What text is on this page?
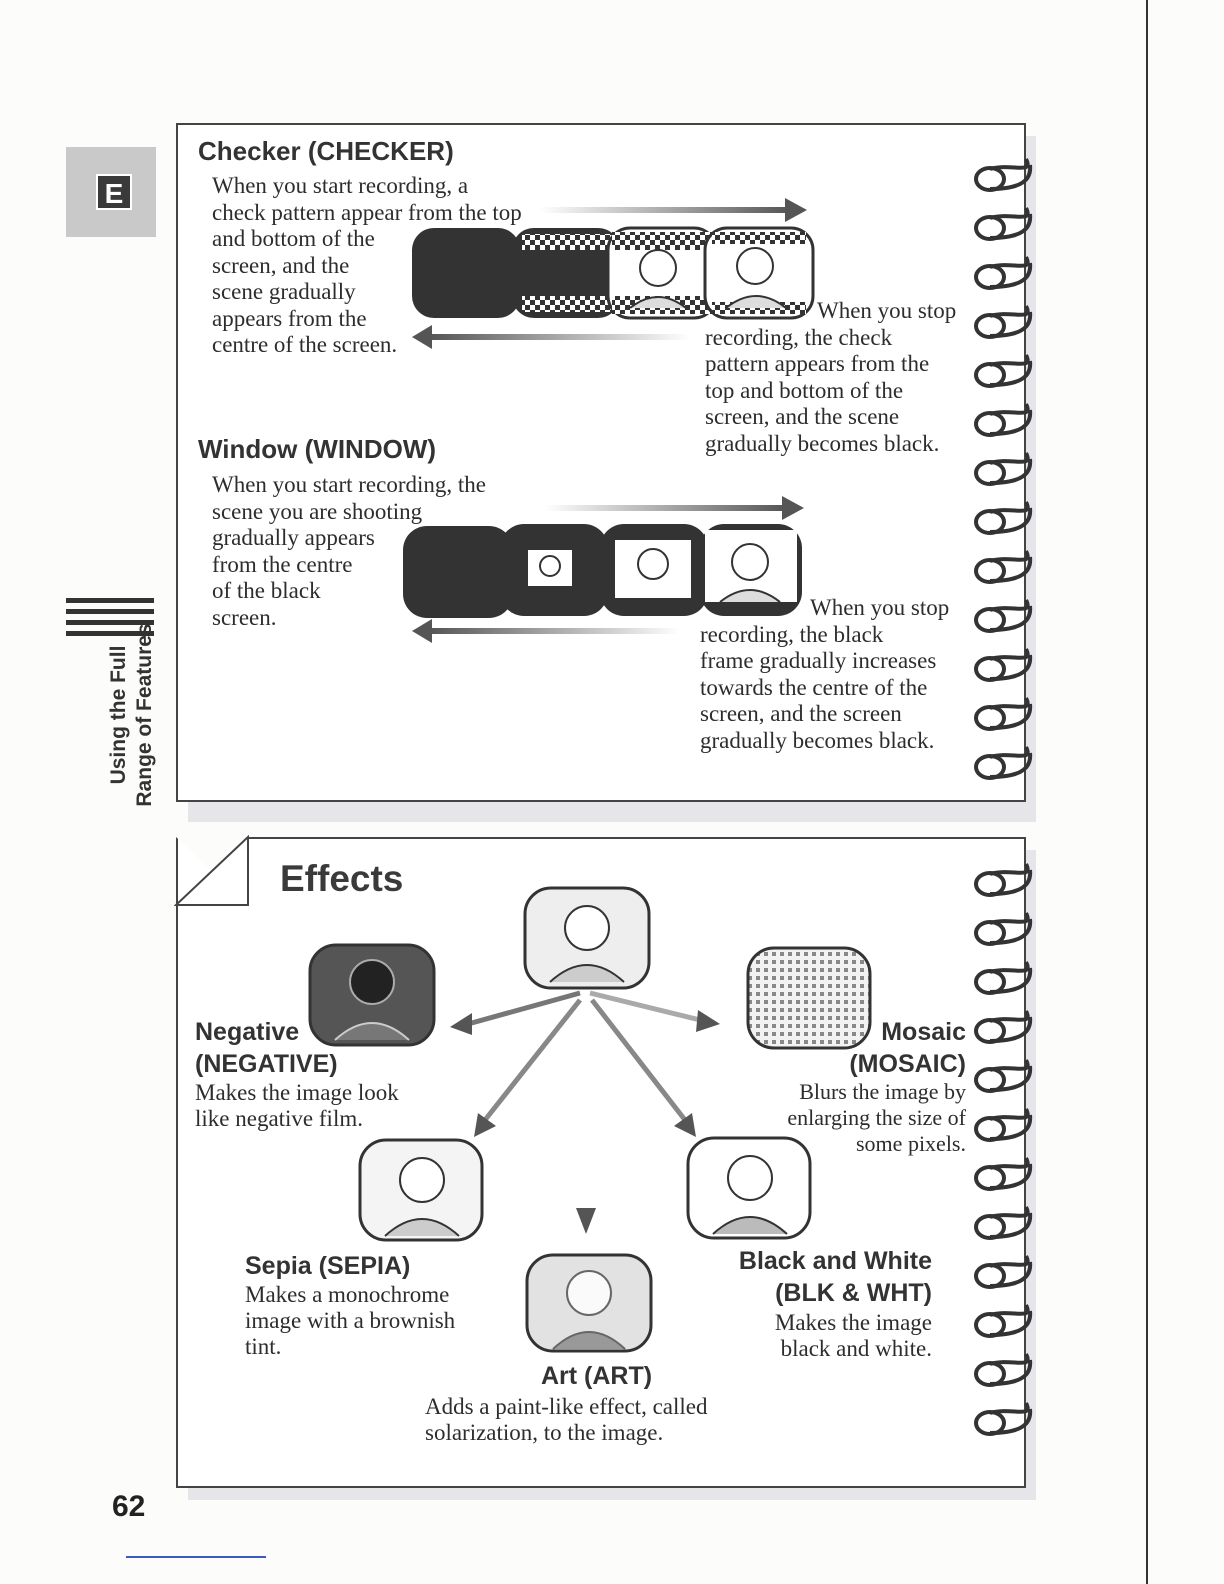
E
Using the Full Range of Features
Checker (CHECKER)
When you start recording, a
check pattern appear from the top
and bottom of the
screen, and the
scene gradually
appears from the
centre of the screen.
When you stop
recording, the check
pattern appears from the
top and bottom of the
screen, and the scene
gradually becomes black.
Window (WINDOW)
When you start recording, the
scene you are shooting
gradually appears
from the centre
of the black
screen.	When you stop
recording, the black
frame gradually increases
towards the centre of the
screen, and the screen
gradually becomes black.
Effects
Negative
(NEGATIVE)
Makes the image look
like negative film.
Mosaic
(MOSAIC)
Blurs the image by
enlarging the size of
some pixels.
Sepia (SEPIA)
Makes a monochrome
image with a brownish
tint.
Black and White
(BLK & WHT)
Makes the image
black and white.
Art (ART)
Adds a paint-like effect, called
solarization, to the image.
62
